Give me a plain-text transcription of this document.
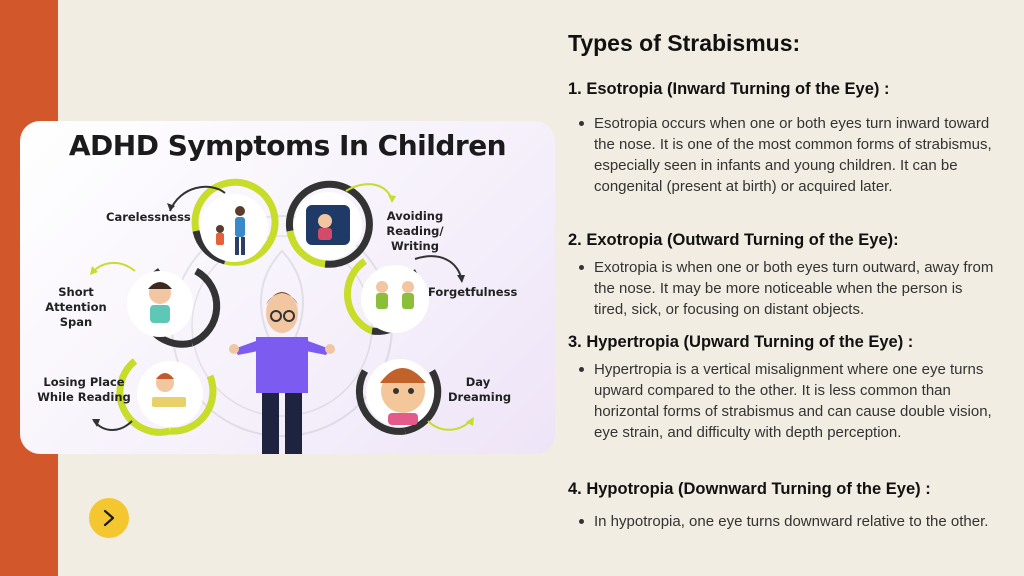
ADHD Symptoms In Children
Carelessness	Avoiding Reading/ Writing
Short Attention Span
Forgetfulness
Losing Place While Reading
Day Dreaming
Types of Strabismus:
1. Esotropia (Inward Turning of the Eye) :
Esotropia occurs when one or both eyes turn inward toward the nose. It is one of the most common forms of strabismus, especially seen in infants and young children. It can be congenital (present at birth) or acquired later.
2. Exotropia (Outward Turning of the Eye):
Exotropia is when one or both eyes turn outward, away from the nose. It may be more noticeable when the person is tired, sick, or focusing on distant objects.
3. Hypertropia (Upward Turning of the Eye) :
Hypertropia is a vertical misalignment where one eye turns upward compared to the other. It is less common than horizontal forms of strabismus and can cause double vision, eye strain, and difficulty with depth perception.
4. Hypotropia (Downward Turning of the Eye) :
In hypotropia, one eye turns downward relative to the other.
